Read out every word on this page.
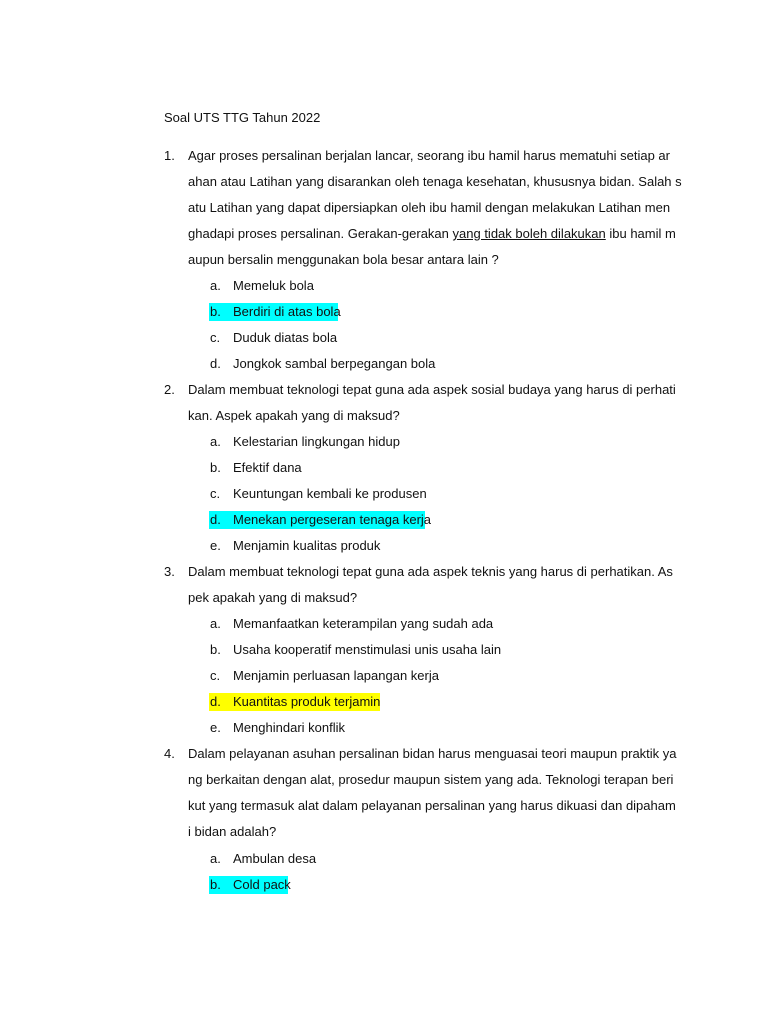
Soal UTS TTG Tahun 2022
1. Agar proses persalinan berjalan lancar, seorang ibu hamil harus mematuhi setiap ar
ahan atau Latihan yang disarankan oleh tenaga kesehatan, khususnya bidan. Salah s
atu Latihan yang dapat dipersiapkan oleh ibu hamil dengan melakukan Latihan men
ghadapi proses persalinan. Gerakan-gerakan yang tidak boleh dilakukan ibu hamil m
aupun bersalin menggunakan bola besar antara lain ?
a. Memeluk bola
b. Berdiri di atas bola
c. Duduk diatas bola
d. Jongkok sambal berpegangan bola
2. Dalam membuat teknologi tepat guna ada aspek sosial budaya yang harus di perhati
kan. Aspek apakah yang di maksud?
a. Kelestarian lingkungan hidup
b. Efektif dana
c. Keuntungan kembali ke produsen
d. Menekan pergeseran tenaga kerja
e. Menjamin kualitas produk
3. Dalam membuat teknologi tepat guna ada aspek teknis yang harus di perhatikan. As
pek apakah yang di maksud?
a. Memanfaatkan keterampilan yang sudah ada
b. Usaha kooperatif menstimulasi unis usaha lain
c. Menjamin perluasan lapangan kerja
d. Kuantitas produk terjamin
e. Menghindari konflik
4. Dalam pelayanan asuhan persalinan bidan harus menguasai teori maupun praktik ya
ng berkaitan dengan alat, prosedur maupun sistem yang ada. Teknologi terapan beri
kut yang termasuk alat dalam pelayanan persalinan yang harus dikuasi dan dipaham
i bidan adalah?
a. Ambulan desa
b. Cold pack
